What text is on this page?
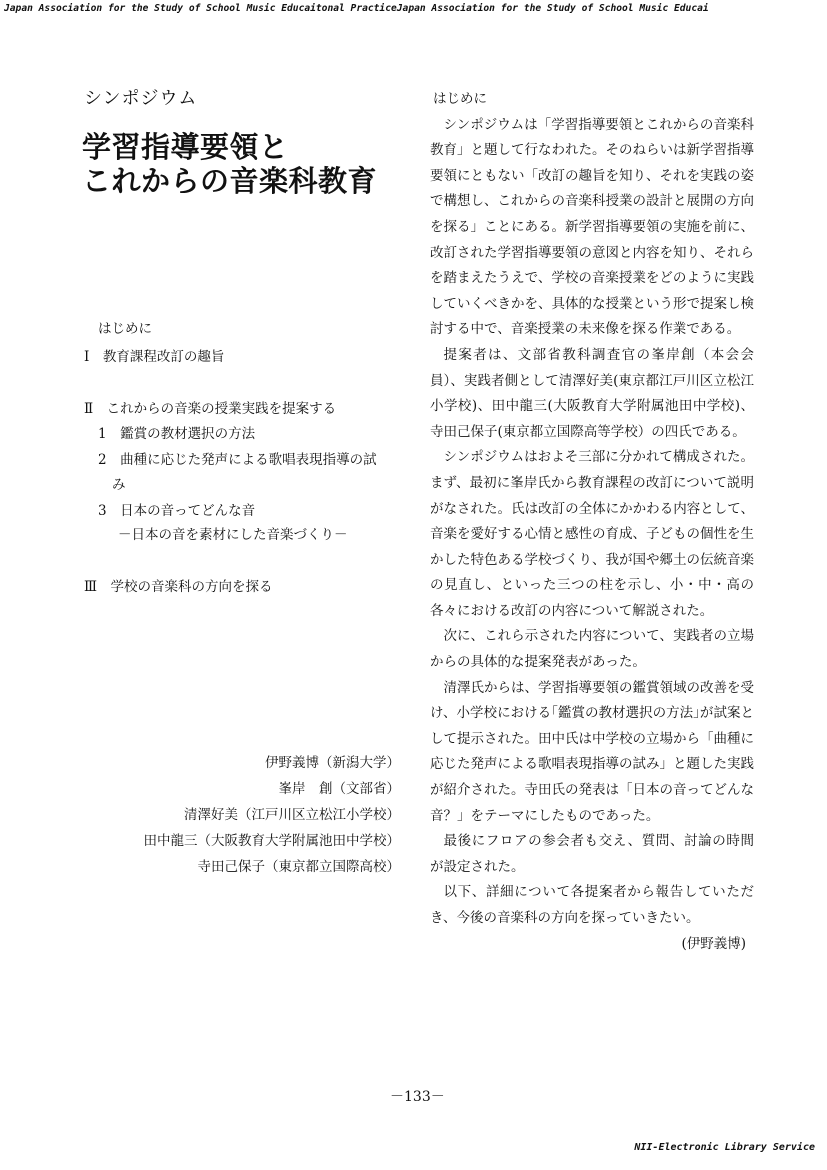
Japan Association for the Study of School Music Educaitonal PracticeJapan Association for the Study of School Music Educai
シンポジウム
学習指導要領と
これからの音楽科教育
はじめに
Ⅰ　教育課程改訂の趣旨
Ⅱ　これからの音楽の授業実践を提案する
1　鑑賞の教材選択の方法
2　曲種に応じた発声による歌唱表現指導の試
み
3　日本の音ってどんな音
－日本の音を素材にした音楽づくり－
Ⅲ　学校の音楽科の方向を探る
伊野義博（新潟大学）
峯岸　創（文部省）
清澤好美（江戸川区立松江小学校）
田中龍三（大阪教育大学附属池田中学校）
寺田己保子（東京都立国際高校）
はじめに

シンポジウムは「学習指導要領とこれからの音楽科教育」と題して行なわれた。そのねらいは新学習指導要領にともない「改訂の趣旨を知り、それを実践の姿で構想し、これからの音楽科授業の設計と展開の方向を探る」ことにある。新学習指導要領の実施を前に、改訂された学習指導要領の意図と内容を知り、それらを踏まえたうえで、学校の音楽授業をどのように実践していくべきかを、具体的な授業という形で提案し検討する中で、音楽授業の未来像を探る作業である。

提案者は、文部省教科調査官の峯岸創（本会会員）、実践者側として清澤好美(東京都江戸川区立松江小学校)、田中龍三(大阪教育大学附属池田中学校)、寺田己保子(東京都立国際高等学校）の四氏である。

シンポジウムはおよそ三部に分かれて構成された。まず、最初に峯岸氏から教育課程の改訂について説明がなされた。氏は改訂の全体にかかわる内容として、音楽を愛好する心情と感性の育成、子どもの個性を生かした特色ある学校づくり、我が国や郷土の伝統音楽の見直し、といった三つの柱を示し、小・中・高の各々における改訂の内容について解説された。

次に、これら示された内容について、実践者の立場からの具体的な提案発表があった。

清澤氏からは、学習指導要領の鑑賞領域の改善を受け、小学校における｢鑑賞の教材選択の方法｣が試案として提示された。田中氏は中学校の立場から「曲種に応じた発声による歌唱表現指導の試み」と題した実践が紹介された。寺田氏の発表は「日本の音ってどんな音？」をテーマにしたものであった。

最後にフロアの参会者も交え、質問、討論の時間が設定された。

以下、詳細について各提案者から報告していただき、今後の音楽科の方向を探っていきたい。

(伊野義博)
－133－
NII-Electronic Library Service
